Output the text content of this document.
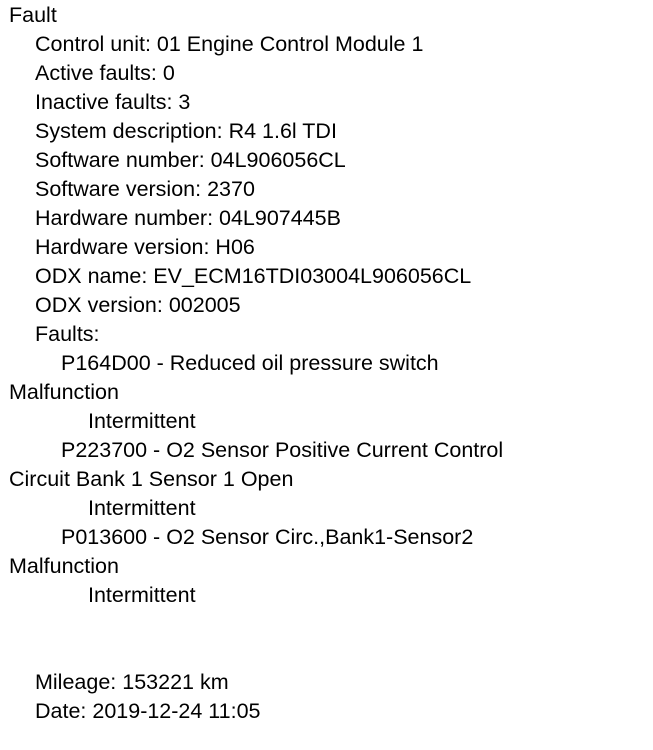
Fault
Control unit: 01 Engine Control Module 1
Active faults: 0
Inactive faults: 3
System description: R4 1.6l TDI
Software number: 04L906056CL
Software version: 2370
Hardware number: 04L907445B
Hardware version: H06
ODX name: EV_ECM16TDI03004L906056CL
ODX version: 002005
Faults:
P164D00 - Reduced oil pressure switch
Malfunction
Intermittent
P223700 - O2 Sensor Positive Current Control
Circuit Bank 1 Sensor 1 Open
Intermittent
P013600 - O2 Sensor Circ.,Bank1-Sensor2
Malfunction
Intermittent
Mileage: 153221 km
Date: 2019-12-24 11:05
